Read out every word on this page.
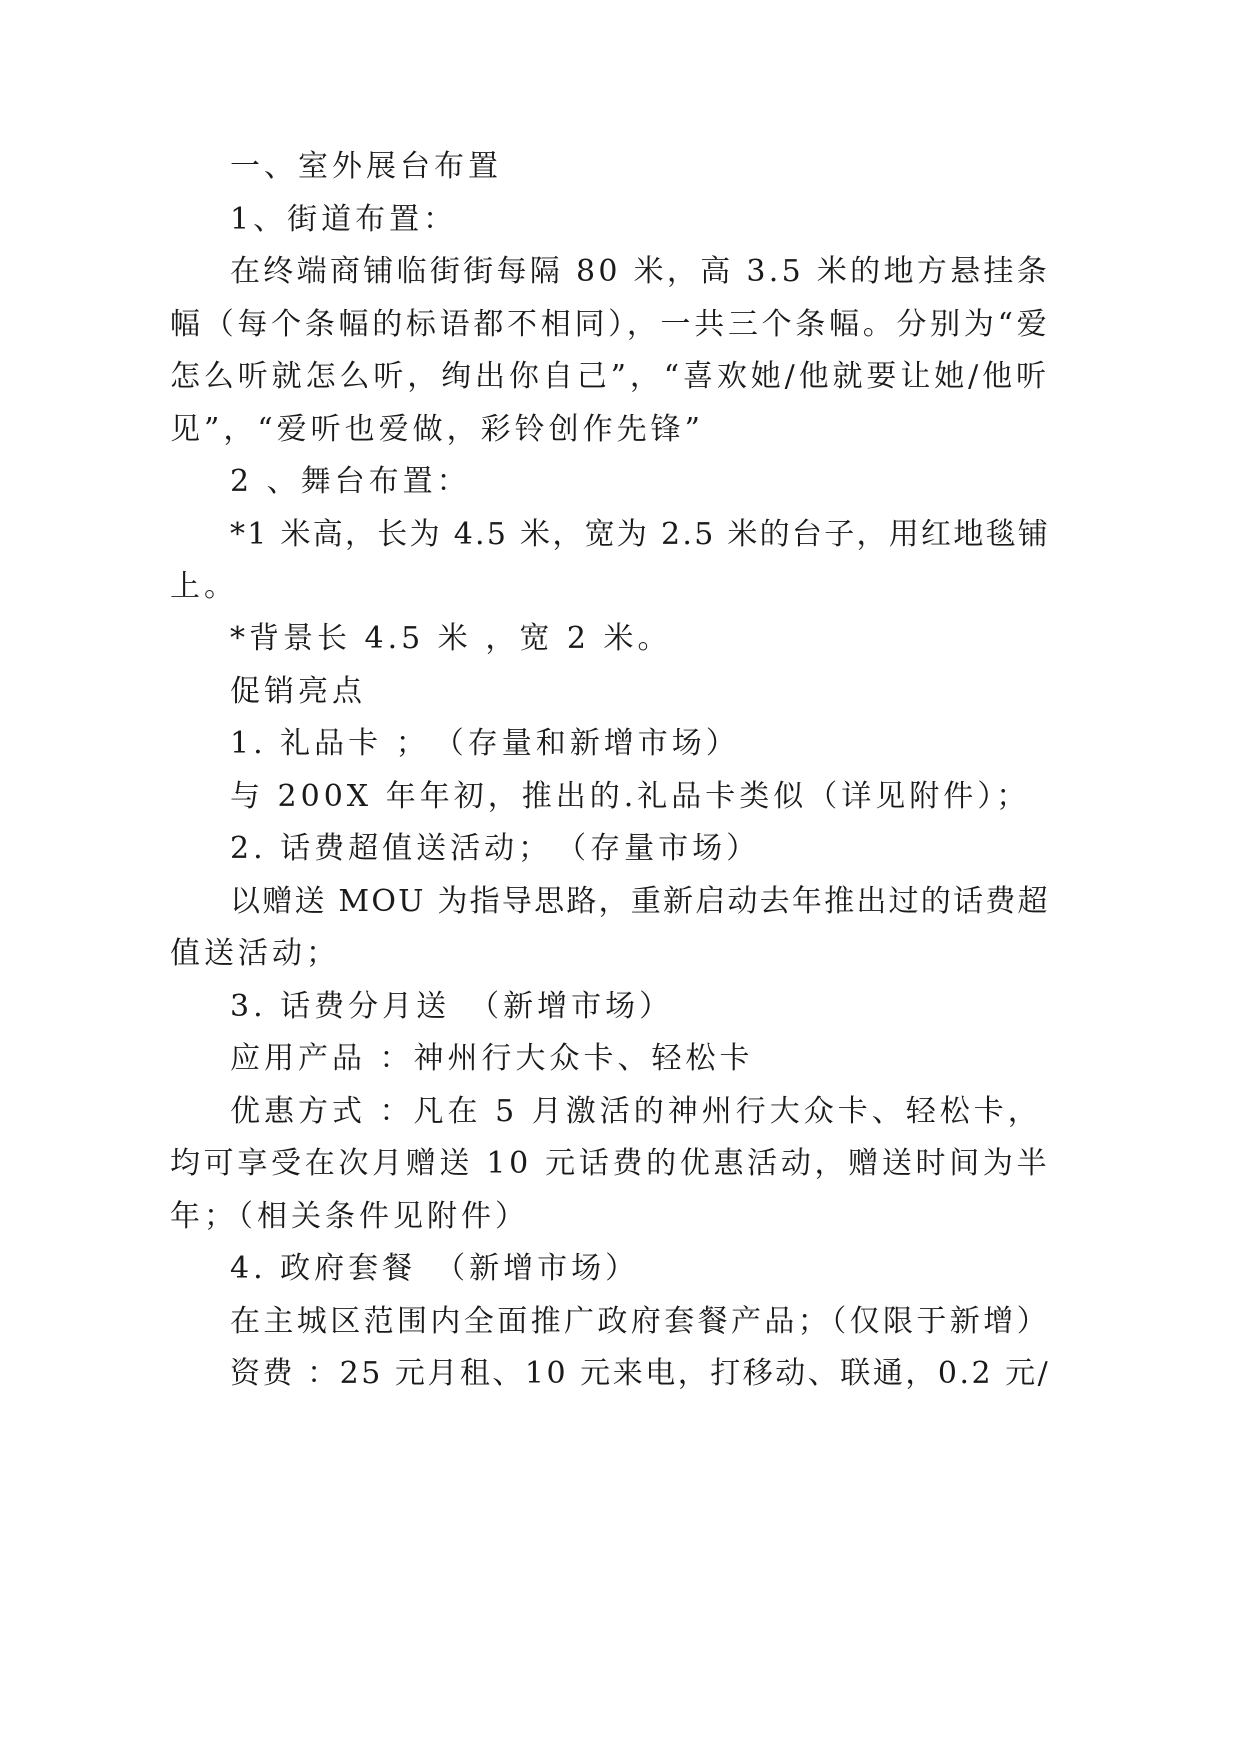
一、室外展台布置

1、街道布置：

在终端商铺临街街每隔 80 米，高 3.5 米的地方悬挂条

幅（每个条幅的标语都不相同），一共三个条幅。分别为“爱

怎么听就怎么听，绚出你自己”，“喜欢她/他就要让她/他听

见”，“爱听也爱做，彩铃创作先锋”

2 、舞台布置：

*1 米高，长为 4.5 米，宽为 2.5 米的台子，用红地毯铺

上。

*背景长 4.5 米 ，宽 2 米。

促销亮点

1. 礼品卡 ；　（存量和新增市场）

与 200X 年年初，推出的.礼品卡类似（详见附件）；

2. 话费超值送活动；　（存量市场）

以赠送 MOU 为指导思路，重新启动去年推出过的话费超

值送活动；

3. 话费分月送　（新增市场）

应用产品 ：神州行大众卡、轻松卡

优惠方式 ：凡在 5 月激活的神州行大众卡、轻松卡，

均可享受在次月赠送 10 元话费的优惠活动，赠送时间为半

年；（相关条件见附件）

4. 政府套餐　（新增市场）

在主城区范围内全面推广政府套餐产品；（仅限于新增）

资费 ：25 元月租、10 元来电，打移动、联通，0.2 元/
